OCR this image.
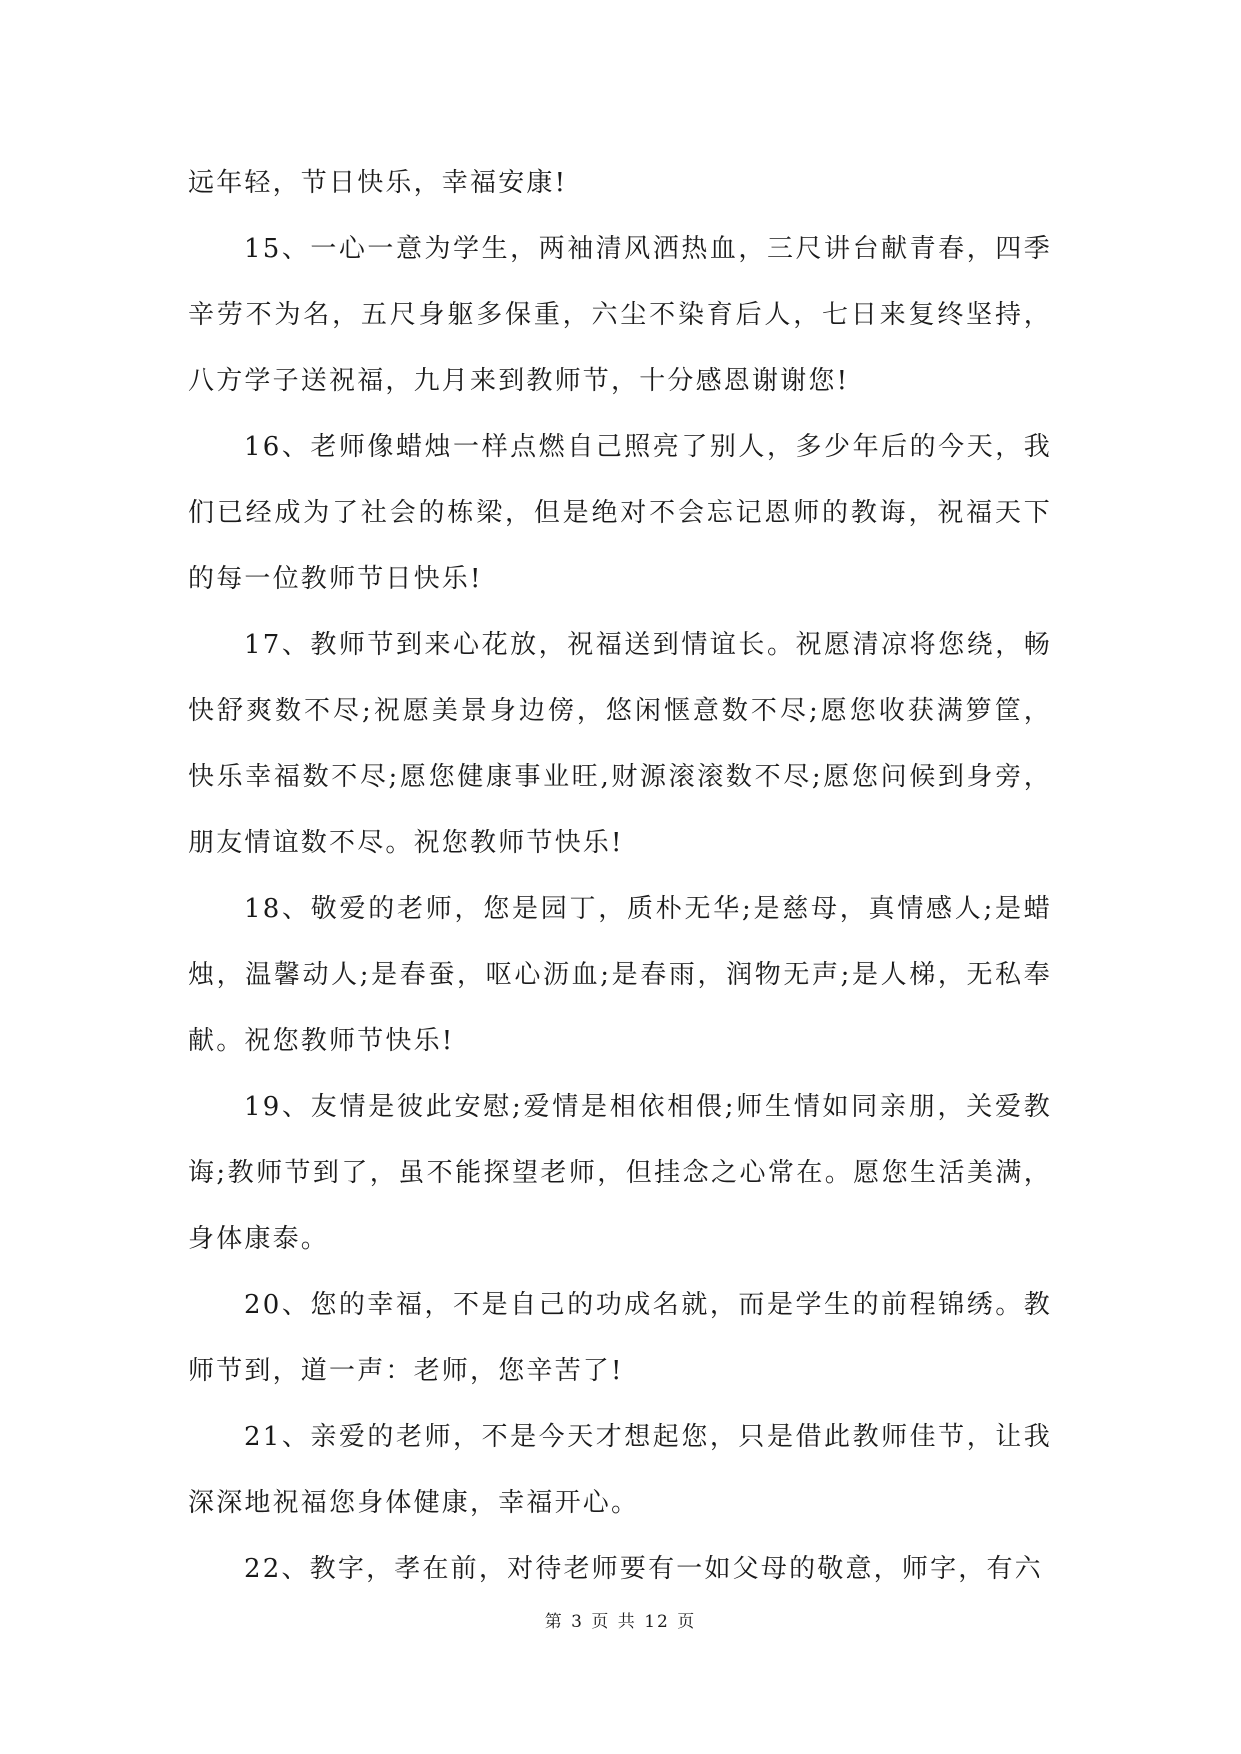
远年轻，节日快乐，幸福安康!

15、一心一意为学生，两袖清风洒热血，三尺讲台献青春，四季辛劳不为名，五尺身躯多保重，六尘不染育后人，七日来复终坚持，八方学子送祝福，九月来到教师节，十分感恩谢谢您!

16、老师像蜡烛一样点燃自己照亮了别人，多少年后的今天，我们已经成为了社会的栋梁，但是绝对不会忘记恩师的教诲，祝福天下的每一位教师节日快乐!

17、教师节到来心花放，祝福送到情谊长。祝愿清凉将您绕，畅快舒爽数不尽;祝愿美景身边傍，悠闲惬意数不尽;愿您收获满箩筐，快乐幸福数不尽;愿您健康事业旺,财源滚滚数不尽;愿您问候到身旁，朋友情谊数不尽。祝您教师节快乐!

18、敬爱的老师，您是园丁，质朴无华;是慈母，真情感人;是蜡烛，温馨动人;是春蚕，呕心沥血;是春雨，润物无声;是人梯，无私奉献。祝您教师节快乐!

19、友情是彼此安慰;爱情是相依相偎;师生情如同亲朋，关爱教诲;教师节到了，虽不能探望老师，但挂念之心常在。愿您生活美满，身体康泰。

20、您的幸福，不是自己的功成名就，而是学生的前程锦绣。教师节到，道一声：老师，您辛苦了!

21、亲爱的老师，不是今天才想起您，只是借此教师佳节，让我深深地祝福您身体健康，幸福开心。

22、教字，孝在前，对待老师要有一如父母的敬意，师字，有六

第 3 页 共 12 页
